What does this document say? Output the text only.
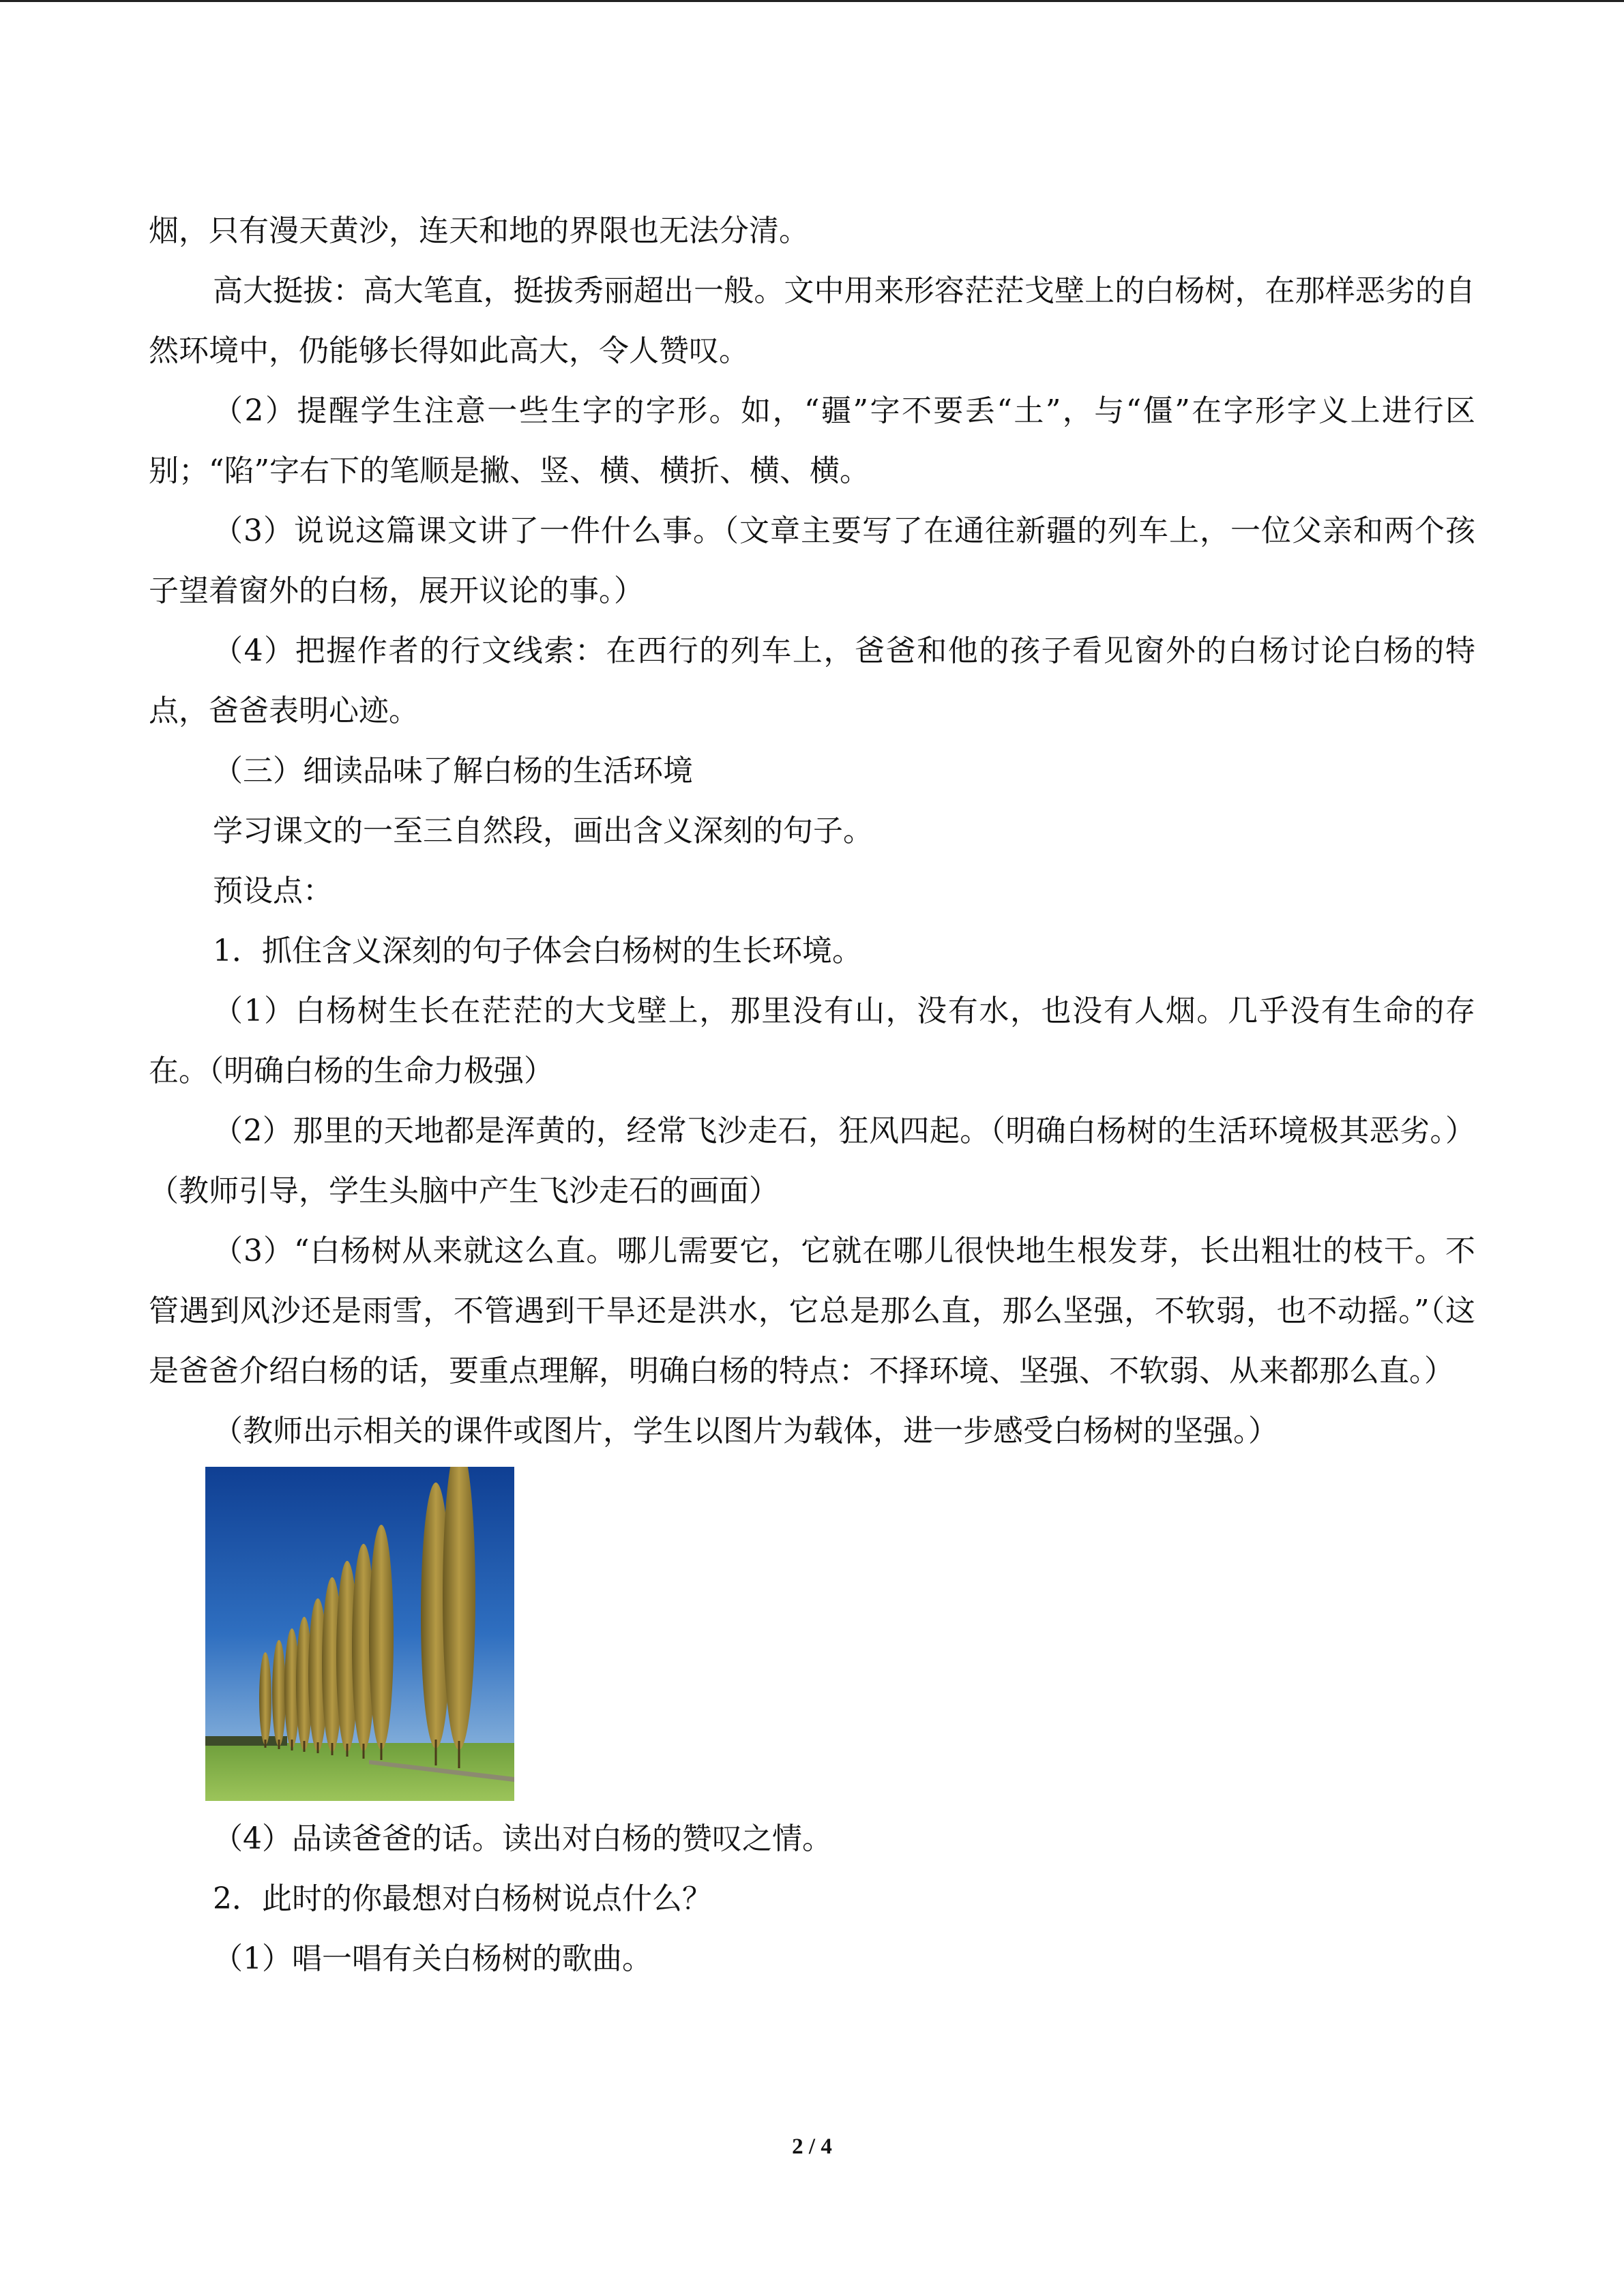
烟，只有漫天黄沙，连天和地的界限也无法分清。

高大挺拔：高大笔直，挺拔秀丽超出一般。文中用来形容茫茫戈壁上的白杨树，在那样恶劣的自然环境中，仍能够长得如此高大，令人赞叹。

（2）提醒学生注意一些生字的字形。如，“疆”字不要丢“土”，与“僵”在字形字义上进行区别；“陷”字右下的笔顺是撇、竖、横、横折、横、横。

（3）说说这篇课文讲了一件什么事。（文章主要写了在通往新疆的列车上，一位父亲和两个孩子望着窗外的白杨，展开议论的事。）

（4）把握作者的行文线索：在西行的列车上，爸爸和他的孩子看见窗外的白杨讨论白杨的特点，爸爸表明心迹。

（三）细读品味了解白杨的生活环境

学习课文的一至三自然段，画出含义深刻的句子。

预设点：

1．抓住含义深刻的句子体会白杨树的生长环境。

（1）白杨树生长在茫茫的大戈壁上，那里没有山，没有水，也没有人烟。几乎没有生命的存在。（明确白杨的生命力极强）

（2）那里的天地都是浑黄的，经常飞沙走石，狂风四起。（明确白杨树的生活环境极其恶劣。）（教师引导，学生头脑中产生飞沙走石的画面）

（3）“白杨树从来就这么直。哪儿需要它，它就在哪儿很快地生根发芽，长出粗壮的枝干。不管遇到风沙还是雨雪，不管遇到干旱还是洪水，它总是那么直，那么坚强，不软弱，也不动摇。”（这是爸爸介绍白杨的话，要重点理解，明确白杨的特点：不择环境、坚强、不软弱、从来都那么直。）

（教师出示相关的课件或图片，学生以图片为载体，进一步感受白杨树的坚强。）

（4）品读爸爸的话。读出对白杨的赞叹之情。

2．此时的你最想对白杨树说点什么？

（1）唱一唱有关白杨树的歌曲。

2 / 4
